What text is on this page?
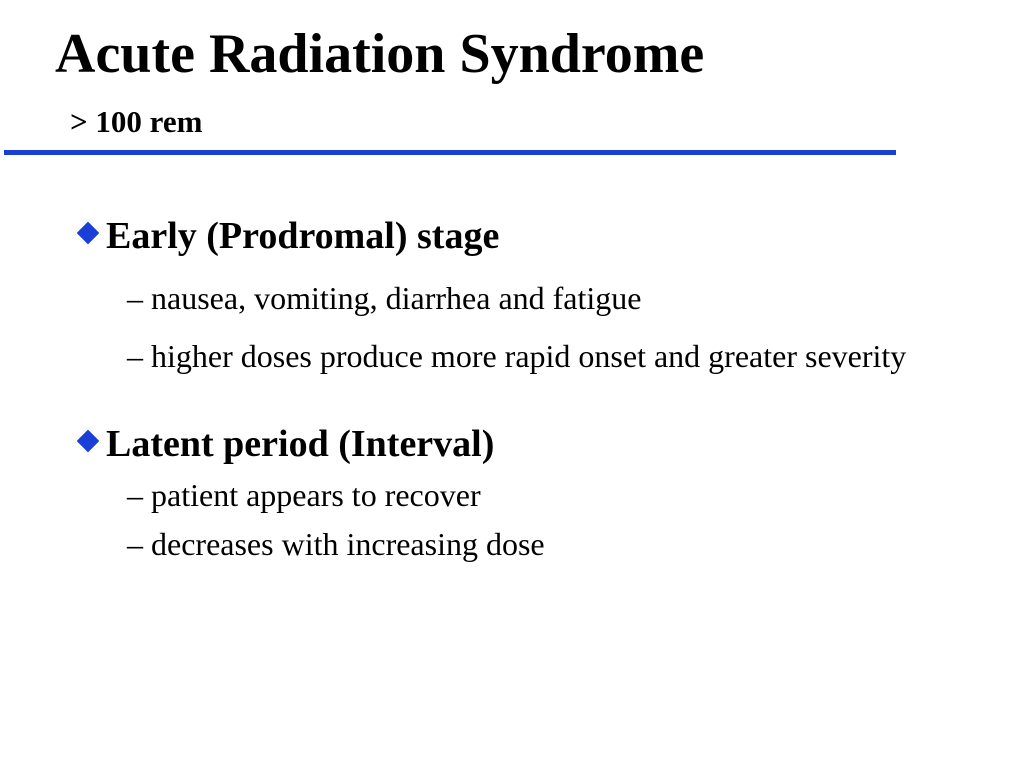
Acute Radiation Syndrome
> 100 rem
Early (Prodromal) stage
– nausea, vomiting, diarrhea and fatigue
– higher doses produce more rapid onset and greater severity
Latent period (Interval)
– patient appears to recover
– decreases with increasing dose
